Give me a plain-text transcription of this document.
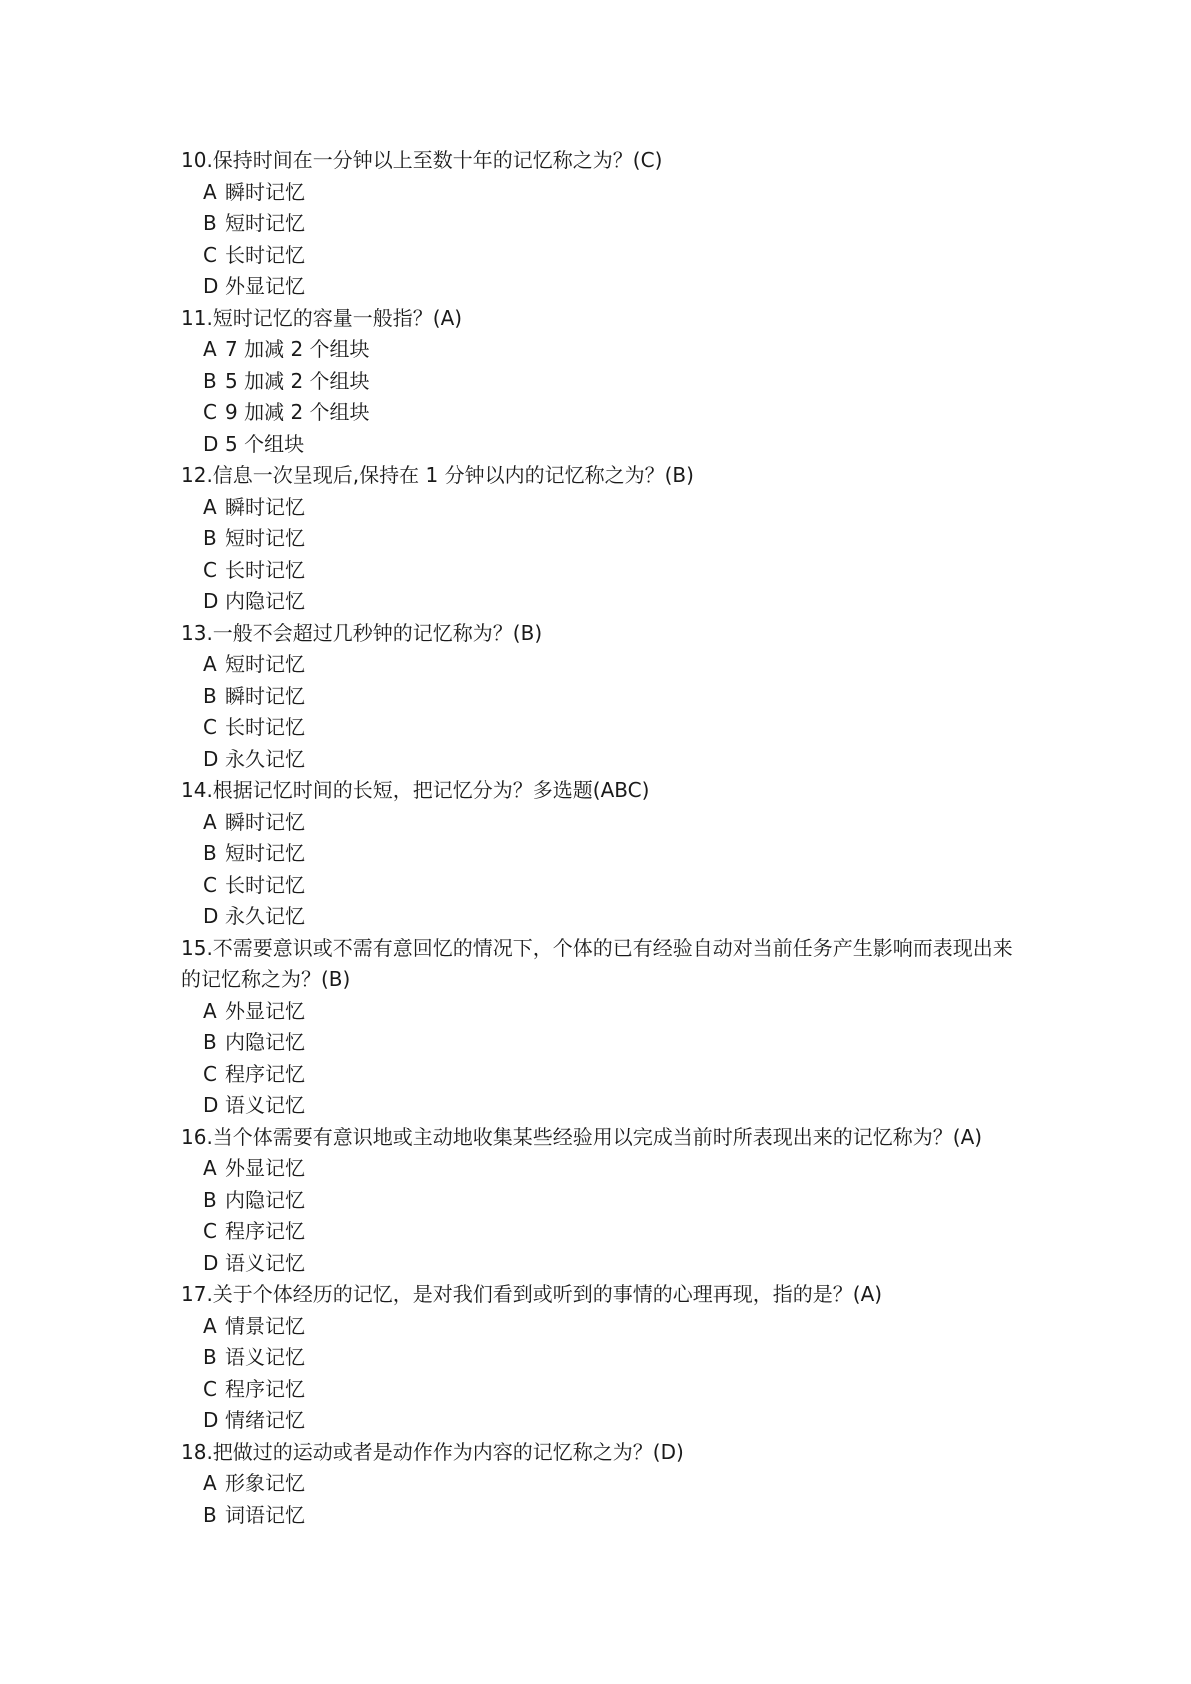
10.保持时间在一分钟以上至数十年的记忆称之为？(C)
A 瞬时记忆
B 短时记忆
C 长时记忆
D 外显记忆
11.短时记忆的容量一般指？(A)
A 7 加减 2 个组块
B 5 加减 2 个组块
C 9 加减 2 个组块
D 5 个组块
12.信息一次呈现后,保持在 1 分钟以内的记忆称之为？(B)
A 瞬时记忆
B 短时记忆
C 长时记忆
D 内隐记忆
13.一般不会超过几秒钟的记忆称为？(B)
A 短时记忆
B 瞬时记忆
C 长时记忆
D 永久记忆
14.根据记忆时间的长短，把记忆分为？多选题(ABC)
A 瞬时记忆
B 短时记忆
C 长时记忆
D 永久记忆
15.不需要意识或不需有意回忆的情况下，个体的已有经验自动对当前任务产生影响而表现出来的记忆称之为？(B)
A 外显记忆
B 内隐记忆
C 程序记忆
D 语义记忆
16.当个体需要有意识地或主动地收集某些经验用以完成当前时所表现出来的记忆称为？(A)
A 外显记忆
B 内隐记忆
C 程序记忆
D 语义记忆
17.关于个体经历的记忆，是对我们看到或听到的事情的心理再现，指的是？(A)
A 情景记忆
B 语义记忆
C 程序记忆
D 情绪记忆
18.把做过的运动或者是动作作为内容的记忆称之为？(D)
A 形象记忆
B 词语记忆
